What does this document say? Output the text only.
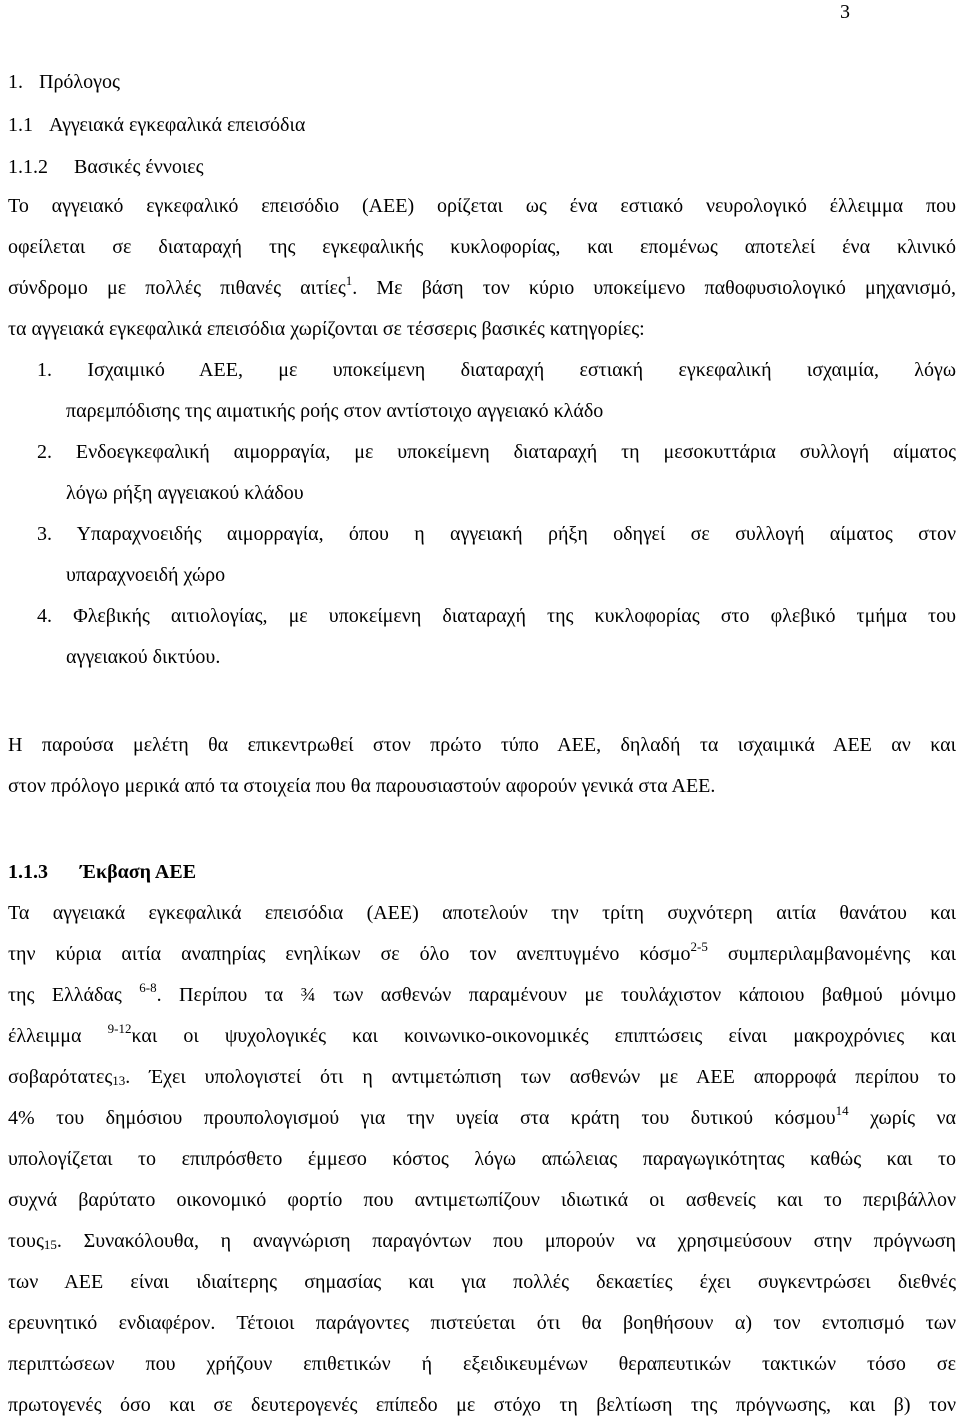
3
1. Πρόλογος
1.1 Αγγειακά εγκεφαλικά επεισόδια
1.1.2 Βασικές έννοιες
Το αγγειακό εγκεφαλικό επεισόδιο (ΑΕΕ) ορίζεται ως ένα εστιακό νευρολογικό έλλειμμα που
οφείλεται σε διαταραχή της εγκεφαλικής κυκλοφορίας, και επομένως αποτελεί ένα κλινικό
σύνδρομο με πολλές πιθανές αιτίες$^1$. Με βάση τον κύριο υποκείμενο παθοφυσιολογικό μηχανισμό,
τα αγγειακά εγκεφαλικά επεισόδια χωρίζονται σε τέσσερις βασικές κατηγορίες:
1. Ισχαιμικό ΑΕΕ, με υποκείμενη διαταραχή εστιακή εγκεφαλική ισχαιμία, λόγω
παρεμπόδισης της αιματικής ροής στον αντίστοιχο αγγειακό κλάδο
2. Ενδοεγκεφαλική αιμορραγία, με υποκείμενη διαταραχή τη μεσοκυττάρια συλλογή αίματος
λόγω ρήξη αγγειακού κλάδου
3. Υπαραχνοειδής αιμορραγία, όπου η αγγειακή ρήξη οδηγεί σε συλλογή αίματος στον
υπαραχνοειδή χώρο
4. Φλεβικής αιτιολογίας, με υποκείμενη διαταραχή της κυκλοφορίας στο φλεβικό τμήμα του
αγγειακού δικτύου.
Η παρούσα μελέτη θα επικεντρωθεί στον πρώτο τύπο ΑΕΕ, δηλαδή τα ισχαιμικά ΑΕΕ αν και
στον πρόλογο μερικά από τα στοιχεία που θα παρουσιαστούν αφορούν γενικά στα ΑΕΕ.
1.1.3 Έκβαση ΑΕΕ
Τα αγγειακά εγκεφαλικά επεισόδια (ΑΕΕ) αποτελούν την τρίτη συχνότερη αιτία θανάτου και
την κύρια αιτία αναπηρίας ενηλίκων σε όλο τον ανεπτυγμένο κόσμο$^{2-5}$ συμπεριλαμβανομένης και
της Ελλάδας $^{6-8}$. Περίπου τα ¾ των ασθενών παραμένουν με τουλάχιστον κάποιου βαθμού μόνιμο
έλλειμμα $^{9-12}$και οι ψυχολογικές και κοινωνικο-οικονομικές επιπτώσεις είναι μακροχρόνιες και
σοβαρότατες$_{13}$. Έχει υπολογιστεί ότι η αντιμετώπιση των ασθενών με ΑΕΕ απορροφά περίπου το
4% του δημόσιου προυπολογισμού για την υγεία στα κράτη του δυτικού κόσμου$^{14}$ χωρίς να
υπολογίζεται το επιπρόσθετο έμμεσο κόστος λόγω απώλειας παραγωγικότητας καθώς και το
συχνά βαρύτατο οικονομικό φορτίο που αντιμετωπίζουν ιδιωτικά οι ασθενείς και το περιβάλλον
τους$_{15}$. Συνακόλουθα, η αναγνώριση παραγόντων που μπορούν να χρησιμεύσουν στην πρόγνωση
των ΑΕΕ είναι ιδιαίτερης σημασίας και για πολλές δεκαετίες έχει συγκεντρώσει διεθνές
ερευνητικό ενδιαφέρον. Τέτοιοι παράγοντες πιστεύεται ότι θα βοηθήσουν α) τον εντοπισμό των
περιπτώσεων που χρήζουν επιθετικών ή εξειδικευμένων θεραπευτικών τακτικών τόσο σε
πρωτογενές όσο και σε δευτερογενές επίπεδο με στόχο τη βελτίωση της πρόγνωσης, και β) τον
